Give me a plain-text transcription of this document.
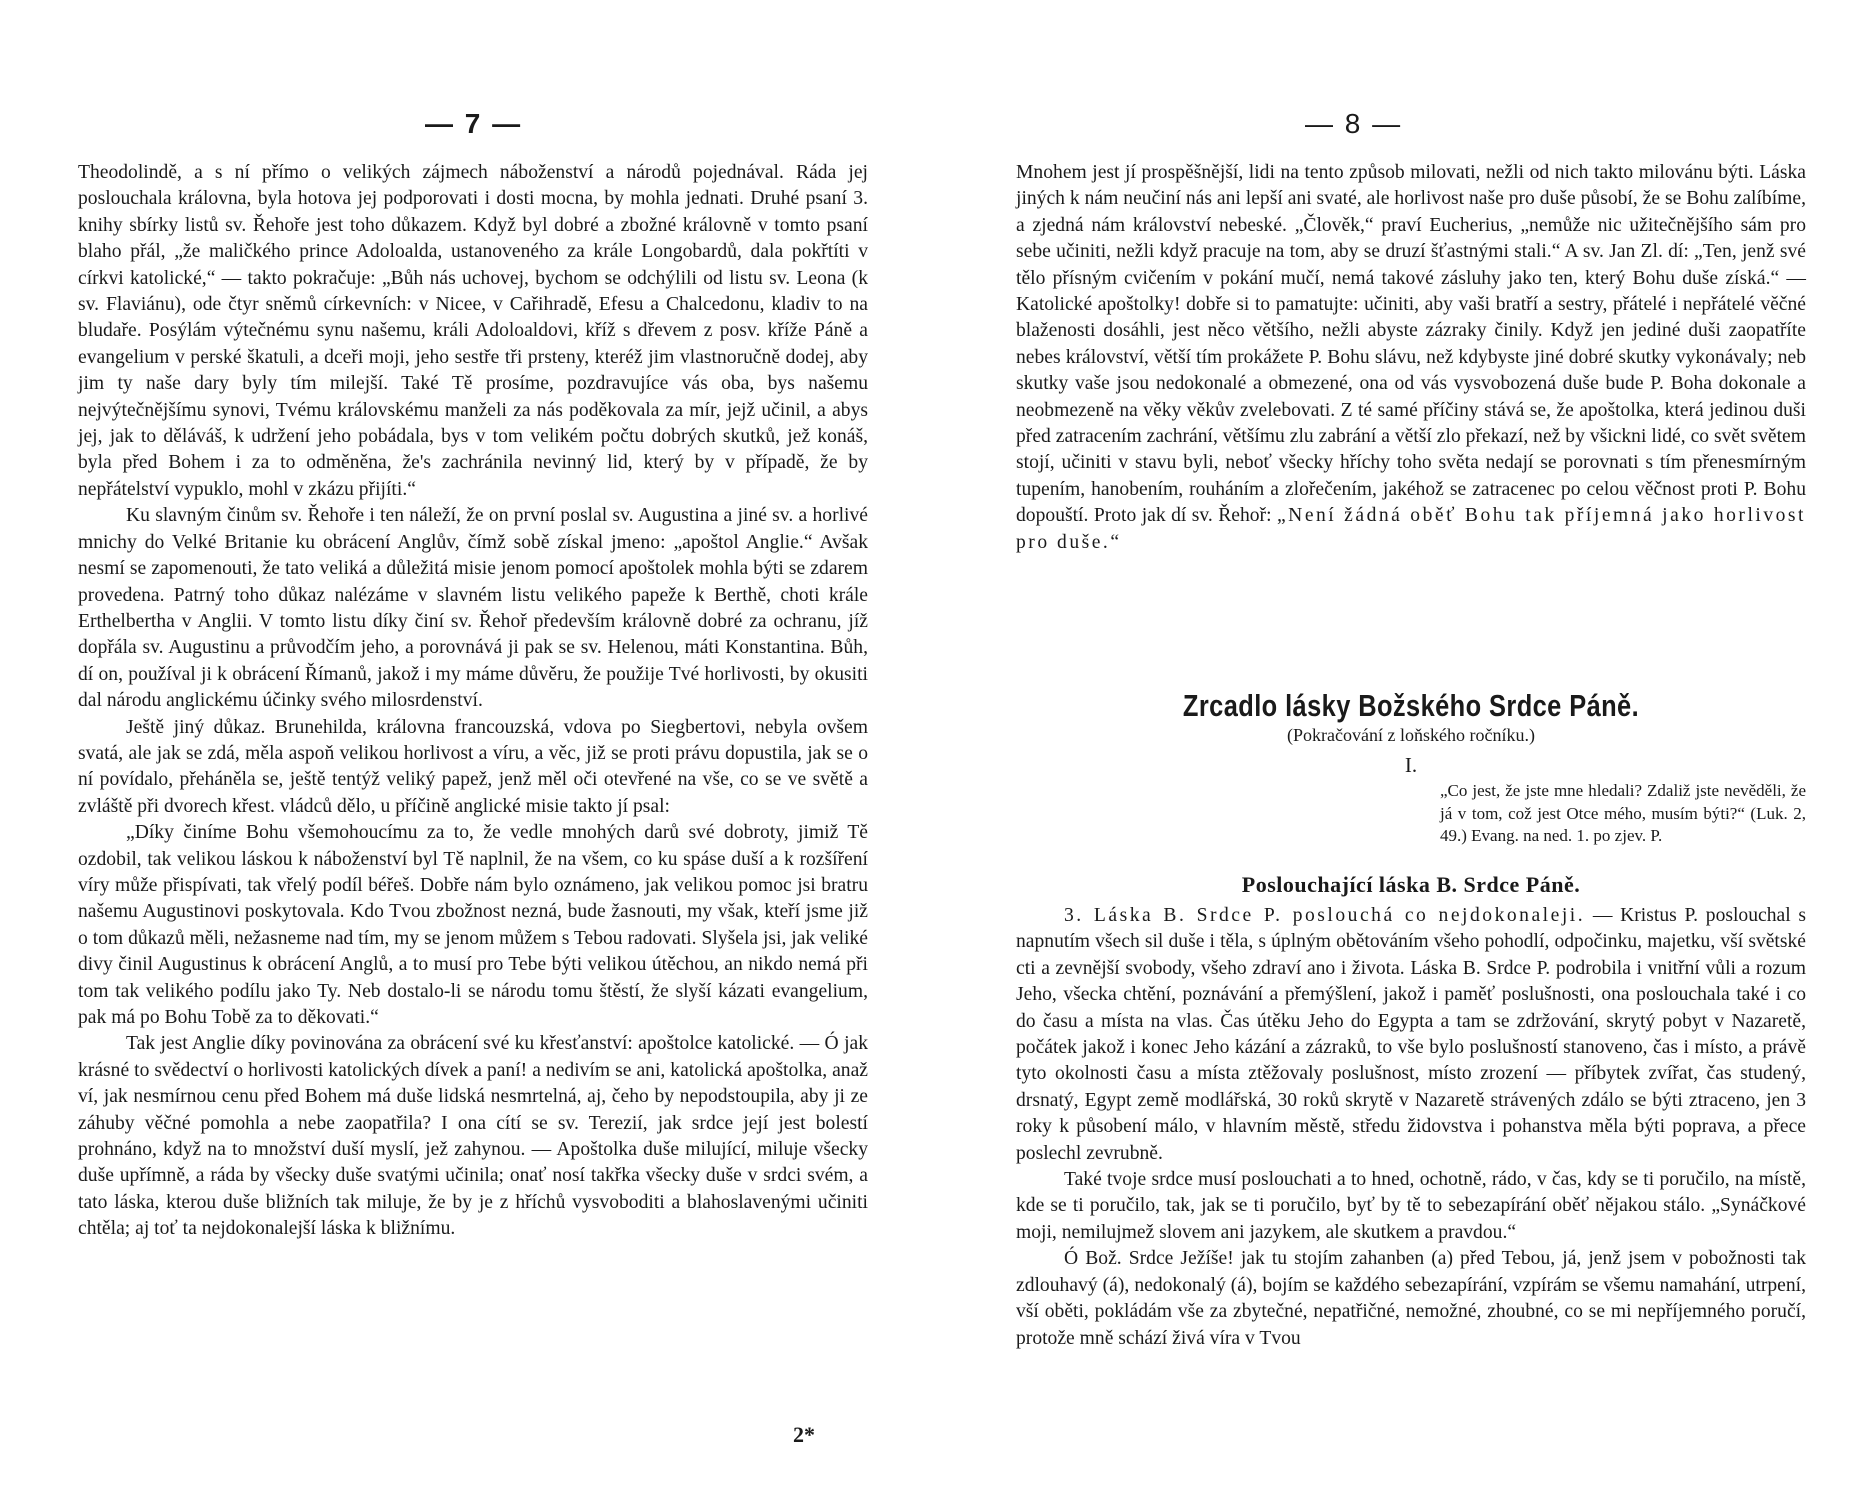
— 7 —

Theodolindě, a s ní přímo o velikých zájmech náboženství a národů pojednával. Ráda jej poslouchala královna, byla hotova jej podporovati i dosti mocna, by mohla jednati. Druhé psaní 3. knihy sbírky listů sv. Řehoře jest toho důkazem. Když byl dobré a zbožné královně v tomto psaní blaho přál, „že maličkého prince Adoloalda, ustanoveného za krále Longobardů, dala pokřtíti v církvi katolické,“ — takto pokračuje: „Bůh nás uchovej, bychom se odchýlili od listu sv. Leona (k sv. Flaviánu), ode čtyr sněmů církevních: v Nicee, v Cařihradě, Efesu a Chalcedonu, kladiv to na bludaře. Posýlám výtečnému synu našemu, králi Adoloaldovi, kříž s dřevem z posv. kříže Páně a evangelium v perské škatuli, a dceři moji, jeho sestře tři prsteny, kteréž jim vlastnoručně dodej, aby jim ty naše dary byly tím milejší. Také Tě prosíme, pozdravujíce vás oba, bys našemu nejvýtečnějšímu synovi, Tvému královskému manželi za nás poděkovala za mír, jejž učinil, a abys jej, jak to děláváš, k udržení jeho pobádala, bys v tom velikém počtu dobrých skutků, jež konáš, byla před Bohem i za to odměněna, že's zachránila nevinný lid, který by v případě, že by nepřátelství vypuklo, mohl v zkázu přijíti.“

Ku slavným činům sv. Řehoře i ten náleží, že on první poslal sv. Augustina a jiné sv. a horlivé mnichy do Velké Britanie ku obrácení Anglův, čímž sobě získal jmeno: „apoštol Anglie.“ Avšak nesmí se zapomenouti, že tato veliká a důležitá misie jenom pomocí apoštolek mohla býti se zdarem provedena. Patrný toho důkaz nalézáme v slavném listu velikého papeže k Berthě, choti krále Erthelbertha v Anglii. V tomto listu díky činí sv. Řehoř především královně dobré za ochranu, jíž dopřála sv. Augustinu a průvodčím jeho, a porovnává ji pak se sv. Helenou, máti Konstantina. Bůh, dí on, používal ji k obrácení Římanů, jakož i my máme důvěru, že použije Tvé horlivosti, by okusiti dal národu anglickému účinky svého milosrdenství.

Ještě jiný důkaz. Brunehilda, královna francouzská, vdova po Siegbertovi, nebyla ovšem svatá, ale jak se zdá, měla aspoň velikou horlivost a víru, a věc, již se proti právu dopustila, jak se o ní povídalo, přeháněla se, ještě tentýž veliký papež, jenž měl oči otevřené na vše, co se ve světě a zvláště při dvorech křest. vládců dělo, u příčině anglické misie takto jí psal:

„Díky činíme Bohu všemohoucímu za to, že vedle mnohých darů své dobroty, jimiž Tě ozdobil, tak velikou láskou k náboženství byl Tě naplnil, že na všem, co ku spáse duší a k rozšíření víry může přispívati, tak vřelý podíl béřeš. Dobře nám bylo oznámeno, jak velikou pomoc jsi bratru našemu Augustinovi poskytovala. Kdo Tvou zbožnost nezná, bude žasnouti, my však, kteří jsme již o tom důkazů měli, nežasneme nad tím, my se jenom můžem s Tebou radovati. Slyšela jsi, jak veliké divy činil Augustinus k obrácení Anglů, a to musí pro Tebe býti velikou útěchou, an nikdo nemá při tom tak velikého podílu jako Ty. Neb dostalo-li se národu tomu štěstí, že slyší kázati evangelium, pak má po Bohu Tobě za to děkovati.“

Tak jest Anglie díky povinována za obrácení své ku křesťanství: apoštolce katolické. — Ó jak krásné to svědectví o horlivosti katolických dívek a paní! a nedivím se ani, katolická apoštolka, anaž ví, jak nesmírnou cenu před Bohem má duše lidská nesmrtelná, aj, čeho by nepodstoupila, aby ji ze záhuby věčné pomohla a nebe zaopatřila? I ona cítí se sv. Terezií, jak srdce její jest bolestí prohnáno, když na to množství duší myslí, jež zahynou. — Apoštolka duše milující, miluje všecky duše upřímně, a ráda by všecky duše svatými učinila; onať nosí takřka všecky duše v srdci svém, a tato láska, kterou duše bližních tak miluje, že by je z hříchů vysvoboditi a blahoslavenými učiniti chtěla; aj toť ta nejdokonalejší láska k bližnímu.

2*
— 8 —

Mnohem jest jí prospěšnější, lidi na tento způsob milovati, nežli od nich takto milovánu býti. Láska jiných k nám neučiní nás ani lepší ani svaté, ale horlivost naše pro duše působí, že se Bohu zalíbíme, a zjedná nám království nebeské. „Člověk,“ praví Eucherius, „nemůže nic užitečnějšího sám pro sebe učiniti, nežli když pracuje na tom, aby se druzí šťastnými stali.“ A sv. Jan Zl. dí: „Ten, jenž své tělo přísným cvičením v pokání mučí, nemá takové zásluhy jako ten, který Bohu duše získá.“ — Katolické apoštolky! dobře si to pamatujte: učiniti, aby vaši bratří a sestry, přátelé i nepřátelé věčné blaženosti dosáhli, jest něco většího, nežli abyste zázraky činily. Když jen jediné duši zaopatříte nebes království, větší tím prokážete P. Bohu slávu, než kdybyste jiné dobré skutky vykonávaly; neb skutky vaše jsou nedokonalé a obmezené, ona od vás vysvobozená duše bude P. Boha dokonale a neobmezeně na věky věkův zvelebovati. Z té samé příčiny stává se, že apoštolka, která jedinou duši před zatracením zachrání, většímu zlu zabrání a větší zlo překazí, než by všickni lidé, co svět světem stojí, učiniti v stavu byli, neboť všecky hříchy toho světa nedají se porovnati s tím přenesmírným tupením, hanobením, rouháním a zlořečením, jakéhož se zatracenec po celou věčnost proti P. Bohu dopouští. Proto jak dí sv. Řehoř: „Není žádná oběť Bohu tak příjemná jako horlivost pro duše.“

Zrcadlo lásky Božského Srdce Páně.
(Pokračování z loňského ročníku.)
I.
„Co jest, že jste mne hledali? Zdaliž jste nevěděli, že já v tom, což jest Otce mého, musím býti?“ (Luk. 2, 49.) Evang. na ned. 1. po zjev. P.
Poslouchající láska B. Srdce Páně.

3. Láska B. Srdce P. poslouchá co nejdokonaleji. — Kristus P. poslouchal s napnutím všech sil duše i těla, s úplným obětováním všeho pohodlí, odpočinku, majetku, vší světské cti a zevnější svobody, všeho zdraví ano i života. Láska B. Srdce P. podrobila i vnitřní vůli a rozum Jeho, všecka chtění, poznávání a přemýšlení, jakož i paměť poslušnosti, ona poslouchala také i co do času a místa na vlas. Čas útěku Jeho do Egypta a tam se zdržování, skrytý pobyt v Nazaretě, počátek jakož i konec Jeho kázání a zázraků, to vše bylo poslušností stanoveno, čas i místo, a právě tyto okolnosti času a místa ztěžovaly poslušnost, místo zrození — příbytek zvířat, čas studený, drsnatý, Egypt země modlářská, 30 roků skrytě v Nazaretě strávených zdálo se býti ztraceno, jen 3 roky k působení málo, v hlavním městě, středu židovstva i pohanstva měla býti poprava, a přece poslechl zevrubně.

Také tvoje srdce musí poslouchati a to hned, ochotně, rádo, v čas, kdy se ti poručilo, na místě, kde se ti poručilo, tak, jak se ti poručilo, byť by tě to sebezapírání oběť nějakou stálo. „Synáčkové moji, nemilujmež slovem ani jazykem, ale skutkem a pravdou.“

Ó Bož. Srdce Ježíše! jak tu stojím zahanben (a) před Tebou, já, jenž jsem v pobožnosti tak zdlouhavý (á), nedokonalý (á), bojím se každého sebezapírání, vzpírám se všemu namahání, utrpení, vší oběti, pokládám vše za zbytečné, nepatřičné, nemožné, zhoubné, co se mi nepříjemného poručí, protože mně schází živá víra v Tvou
